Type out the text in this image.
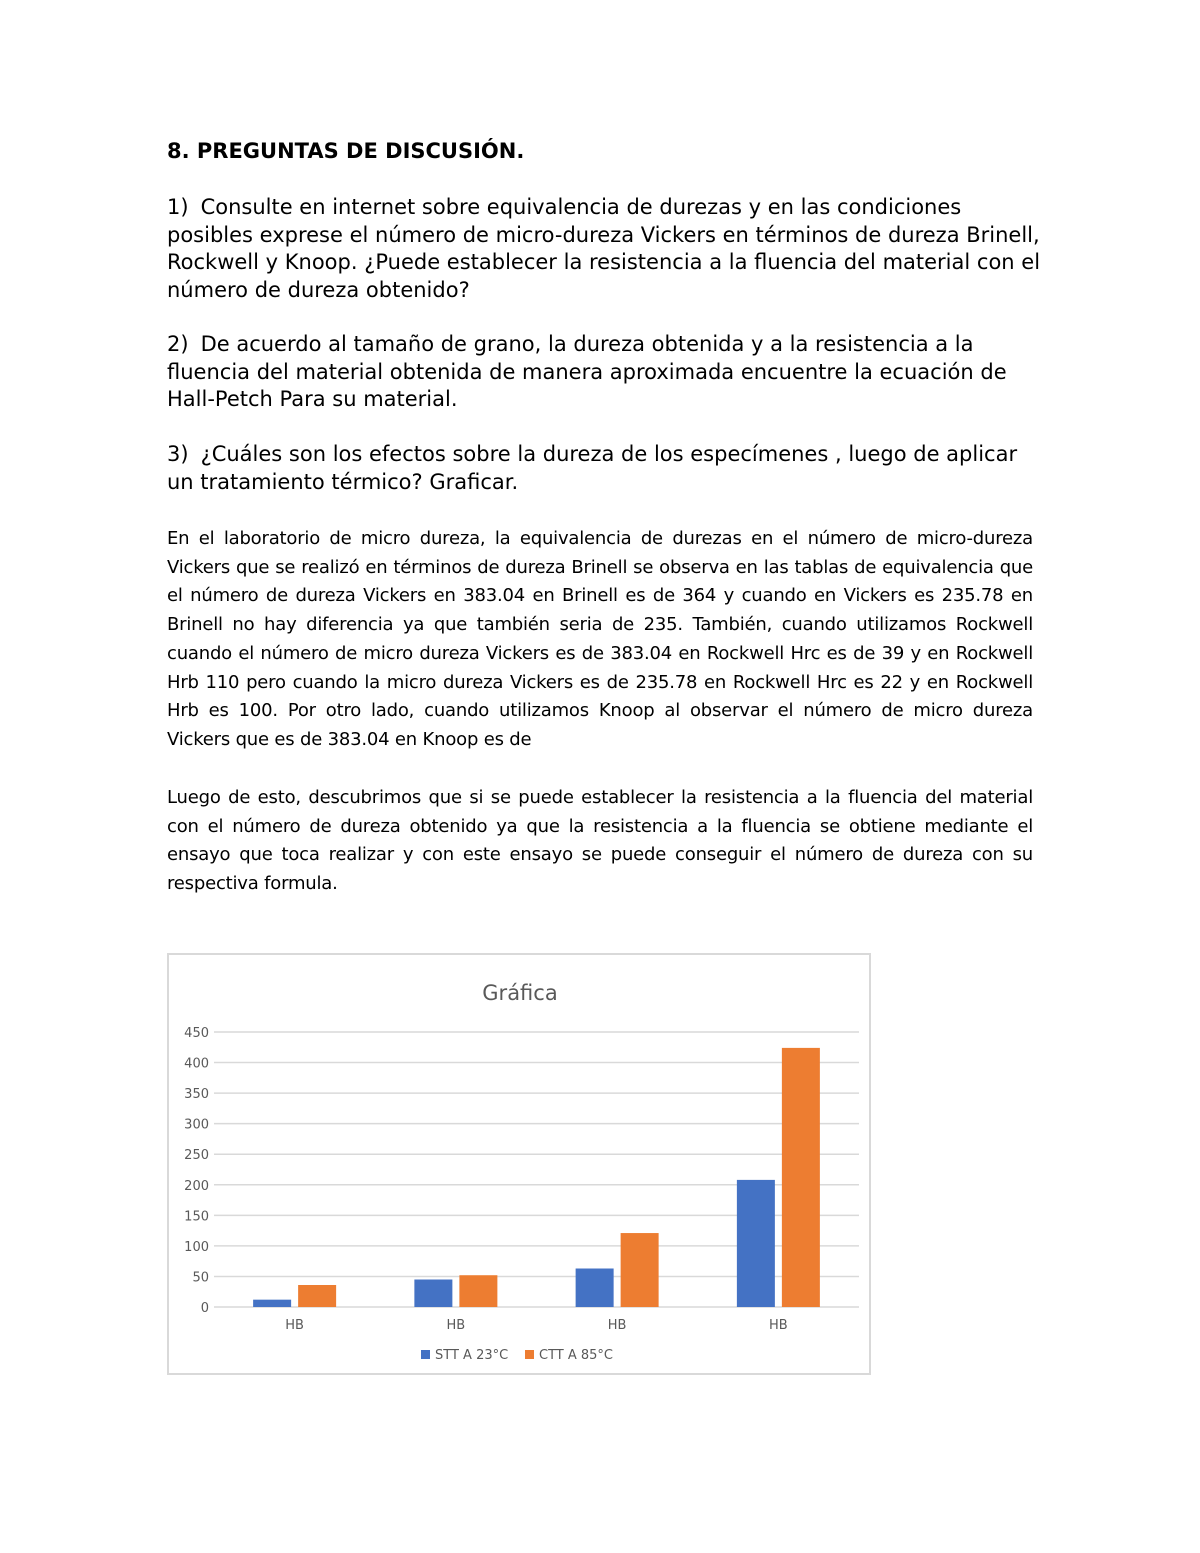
8. PREGUNTAS DE DISCUSIÓN.

1) Consulte en internet sobre equivalencia de durezas y en las condiciones posibles exprese el número de micro-dureza Vickers en términos de dureza Brinell, Rockwell y Knoop. ¿Puede establecer la resistencia a la fluencia del material con el número de dureza obtenido?

2) De acuerdo al tamaño de grano, la dureza obtenida y a la resistencia a la fluencia del material obtenida de manera aproximada encuentre la ecuación de Hall-Petch Para su material.

3) ¿Cuáles son los efectos sobre la dureza de los especímenes , luego de aplicar un tratamiento térmico? Graficar.

En el laboratorio de micro dureza, la equivalencia de durezas en el número de micro-dureza Vickers que se realizó en términos de dureza Brinell se observa en las tablas de equivalencia que el número de dureza Vickers en 383.04 en Brinell es de 364 y cuando en Vickers es 235.78 en Brinell no hay diferencia ya que también seria de 235. También, cuando utilizamos Rockwell cuando el número de micro dureza Vickers es de 383.04 en Rockwell Hrc es de 39 y en Rockwell Hrb 110 pero cuando la micro dureza Vickers es de 235.78 en Rockwell Hrc es 22 y en Rockwell Hrb es 100. Por otro lado, cuando utilizamos Knoop al observar el número de micro dureza Vickers que es de 383.04 en Knoop es de

Luego de esto, descubrimos que si se puede establecer la resistencia a la fluencia del material con el número de dureza obtenido ya que la resistencia a la fluencia se obtiene mediante el ensayo que toca realizar y con este ensayo se puede conseguir el número de dureza con su respectiva formula.

Gráfica
0
50
100
150
200
250
300
350
400
450
HB	HB	HB	HB
STT A 23°C CTT A 85°C
